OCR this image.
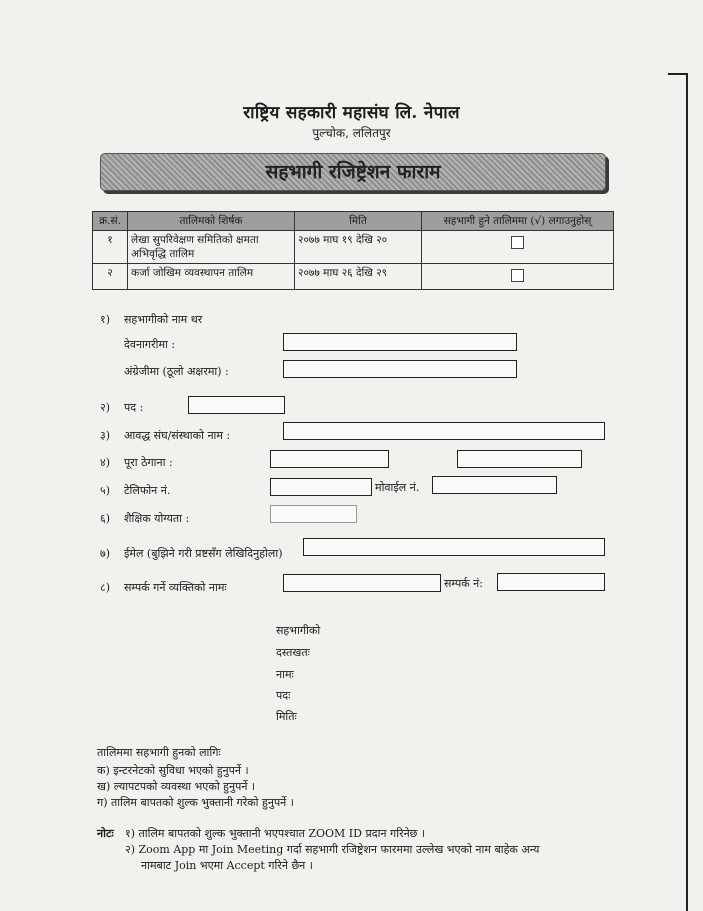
राष्ट्रिय सहकारी महासंघ लि. नेपाल
पुल्चोक, ललितपुर
सहभागी रजिष्ट्रेशन फाराम
क्र.सं.	तालिमको शिर्षक	मिति	सहभागी हुने तालिममा (√) लगाउनुहोस्
१	लेखा सुपरिवेक्षण समितिको क्षमता अभिवृद्धि तालिम	२०७७ माघ १९ देखि २०	
२	कर्जा जोखिम व्यवस्थापन तालिम	२०७७ माघ २६ देखि २९	
१) सहभागीको नाम थर
देवनागरीमा :
अंग्रेजीमा (ठूलो अक्षरमा) :
२) पद :
३) आवद्ध संघ/संस्थाको नाम :
४) पूरा ठेगाना :
५) टेलिफोन नं.	मोवाईल नं.
६) शैक्षिक योग्यता :
७) ईमेल (बुझिने गरी प्रष्टसँग लेखिदिनुहोला)
८) सम्पर्क गर्ने व्यक्तिको नामः	सम्पर्क नं:
सहभागीको
दस्तखतः
नामः
पदः
मितिः
तालिममा सहभागी हुनको लागिः
क) इन्टरनेटको सुविधा भएको हुनुपर्ने ।
ख) ल्यापटपको व्यवस्था भएको हुनुपर्ने ।
ग) तालिम बापतको शुल्क भुक्तानी गरेको हुनुपर्ने ।
नोटः १) तालिम बापतको शुल्क भुक्तानी भएपश्चात ZOOM ID प्रदान गरिनेछ ।
२) Zoom App मा Join Meeting गर्दा सहभागी रजिष्ट्रेशन फारममा उल्लेख भएको नाम बाहेक अन्य
नामबाट Join भएमा Accept गरिने छैन ।
